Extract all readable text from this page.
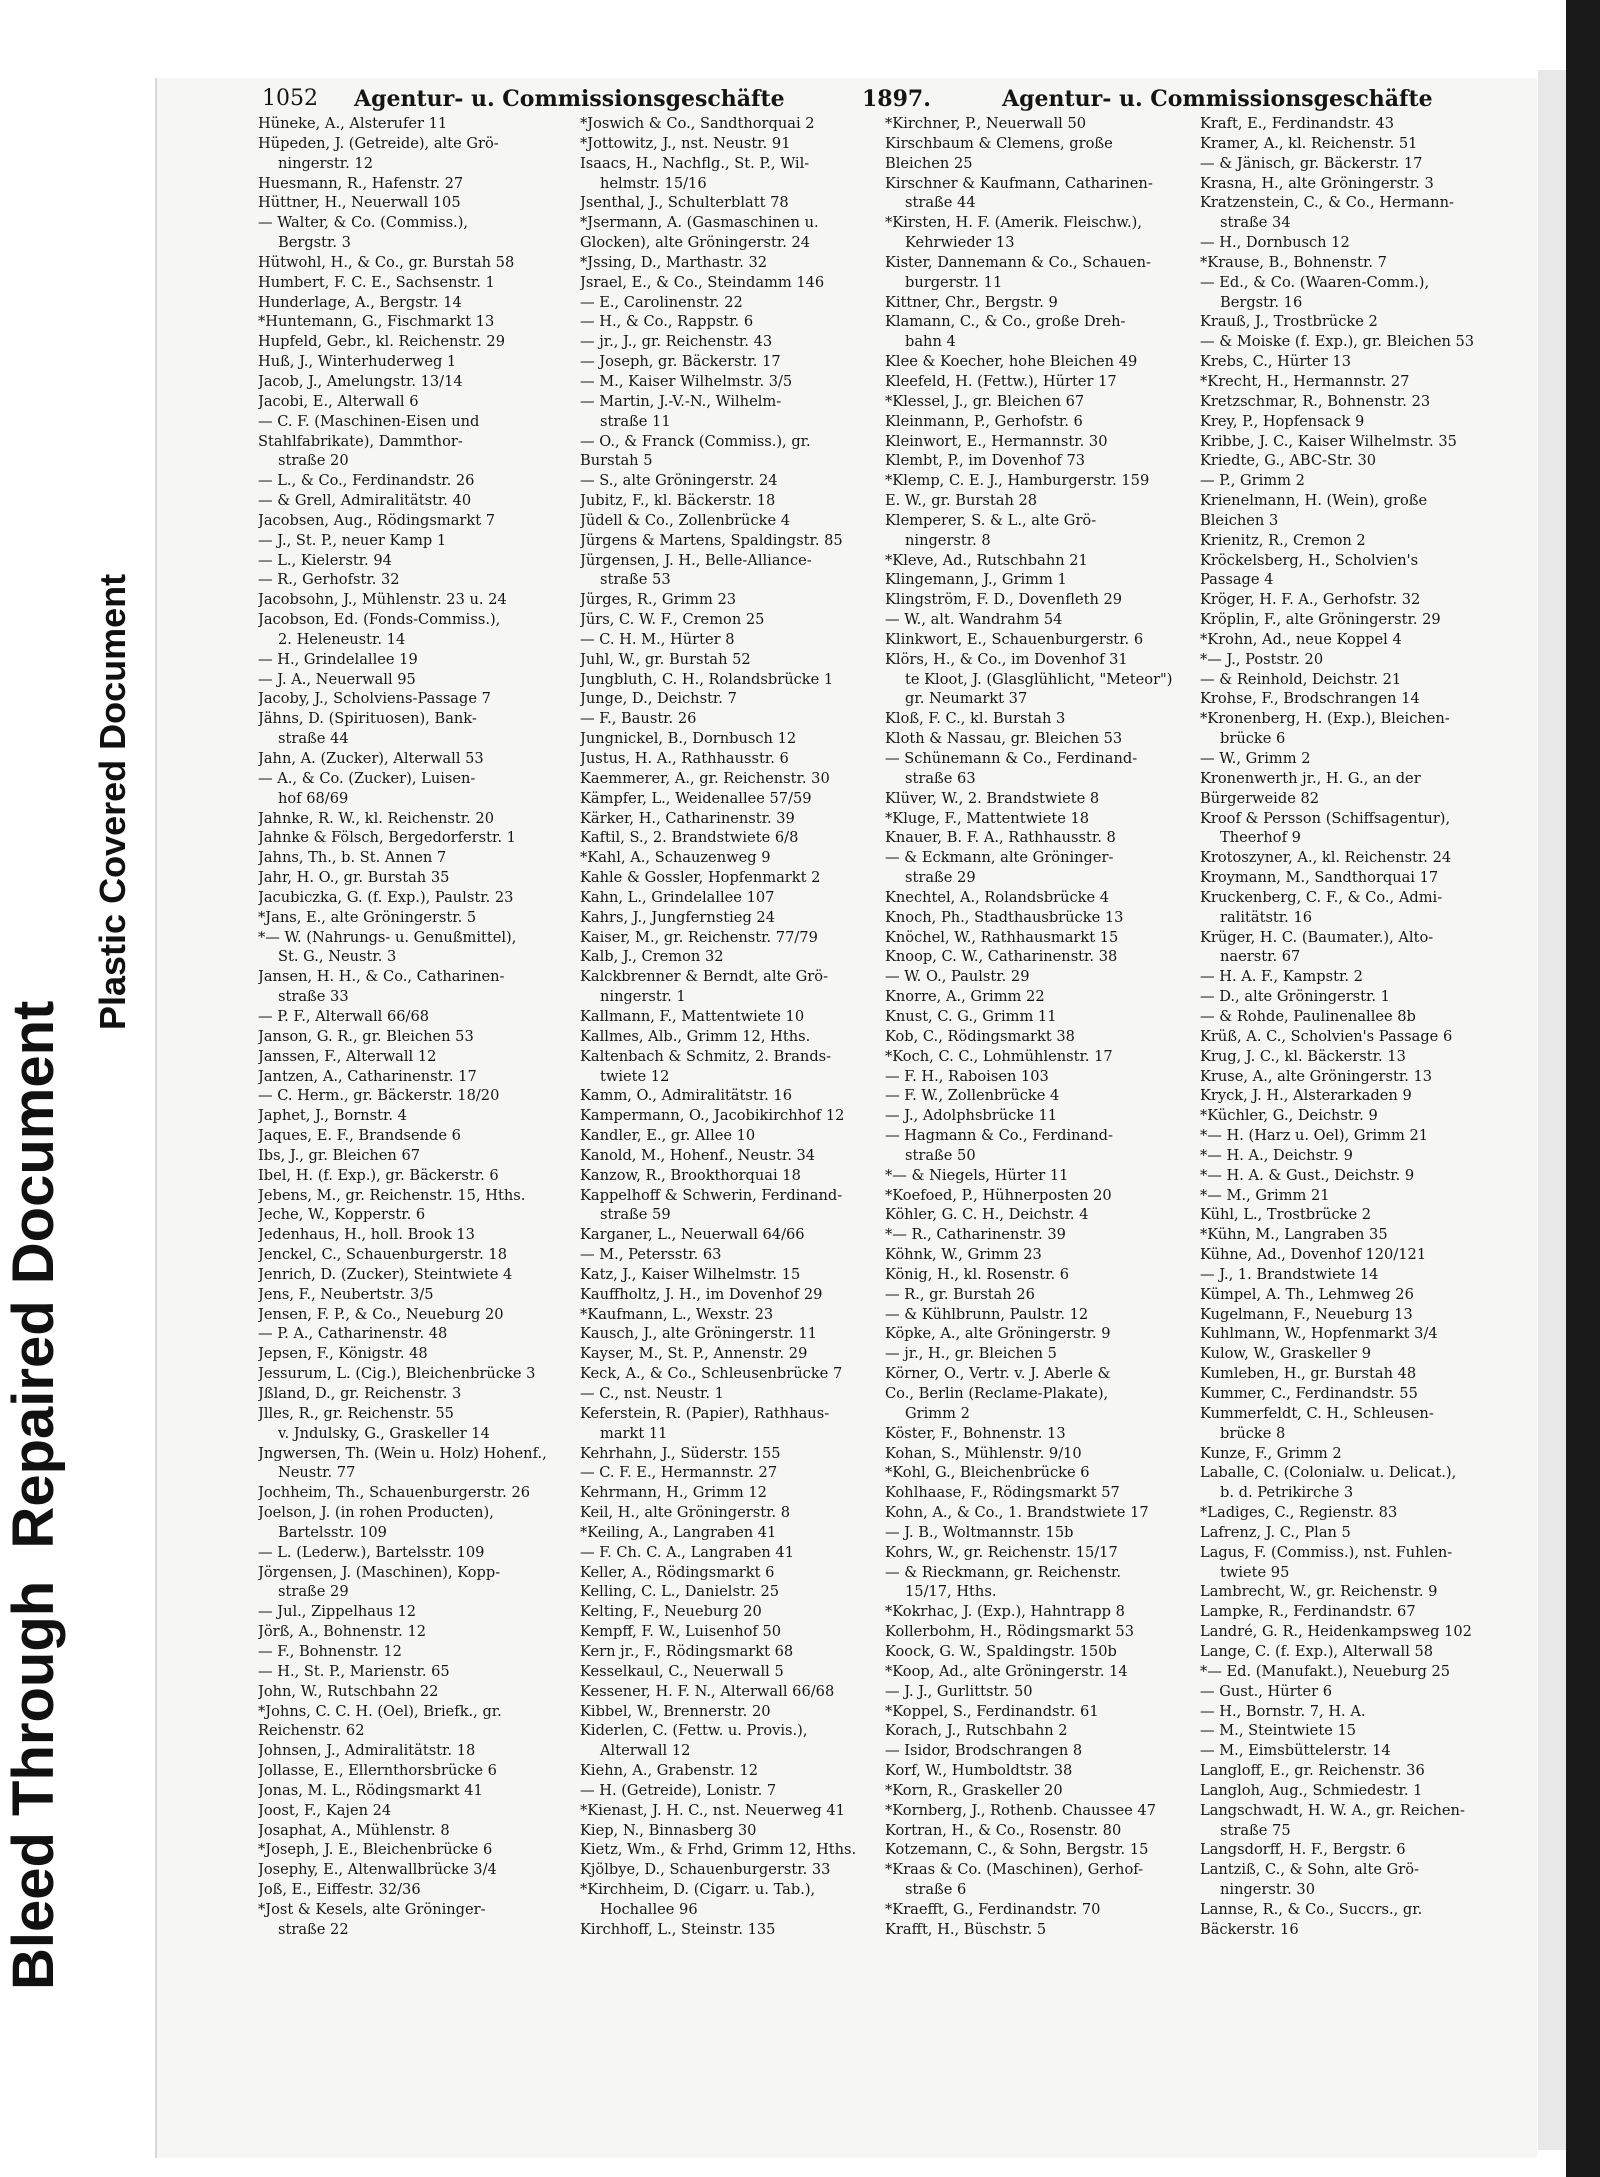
Bleed Through  Repaired Document
Plastic Covered Document
1052 Agentur- u. Commissionsgeschäfte	1897.	Agentur- u. Commissionsgeschäfte
Hüneke, A., Alsterufer 11
Hüpeden, J. (Getreide), alte Grö-
ningerstr. 12
Huesmann, R., Hafenstr. 27
Hüttner, H., Neuerwall 105
— Walter, & Co. (Commiss.),
Bergstr. 3
Hütwohl, H., & Co., gr. Burstah 58
Humbert, F. C. E., Sachsenstr. 1
Hunderlage, A., Bergstr. 14
*Huntemann, G., Fischmarkt 13
Hupfeld, Gebr., kl. Reichenstr. 29
Huß, J., Winterhuderweg 1
Jacob, J., Amelungstr. 13/14
Jacobi, E., Alterwall 6
— C. F. (Maschinen-Eisen und
Stahlfabrikate), Dammthor-
straße 20
— L., & Co., Ferdinandstr. 26
— & Grell, Admiralitätstr. 40
Jacobsen, Aug., Rödingsmarkt 7
— J., St. P., neuer Kamp 1
— L., Kielerstr. 94
— R., Gerhofstr. 32
Jacobsohn, J., Mühlenstr. 23 u. 24
Jacobson, Ed. (Fonds-Commiss.),
2. Heleneustr. 14
— H., Grindelallee 19
— J. A., Neuerwall 95
Jacoby, J., Scholviens-Passage 7
Jähns, D. (Spirituosen), Bank-
straße 44
Jahn, A. (Zucker), Alterwall 53
— A., & Co. (Zucker), Luisen-
hof 68/69
Jahnke, R. W., kl. Reichenstr. 20
Jahnke & Fölsch, Bergedorferstr. 1
Jahns, Th., b. St. Annen 7
Jahr, H. O., gr. Burstah 35
Jacubiczka, G. (f. Exp.), Paulstr. 23
*Jans, E., alte Gröningerstr. 5
*— W. (Nahrungs- u. Genußmittel),
St. G., Neustr. 3
Jansen, H. H., & Co., Catharinen-
straße 33
— P. F., Alterwall 66/68
Janson, G. R., gr. Bleichen 53
Janssen, F., Alterwall 12
Jantzen, A., Catharinenstr. 17
— C. Herm., gr. Bäckerstr. 18/20
Japhet, J., Bornstr. 4
Jaques, E. F., Brandsende 6
Ibs, J., gr. Bleichen 67
Ibel, H. (f. Exp.), gr. Bäckerstr. 6
Jebens, M., gr. Reichenstr. 15, Hths.
Jeche, W., Kopperstr. 6
Jedenhaus, H., holl. Brook 13
Jenckel, C., Schauenburgerstr. 18
Jenrich, D. (Zucker), Steintwiete 4
Jens, F., Neubertstr. 3/5
Jensen, F. P., & Co., Neueburg 20
— P. A., Catharinenstr. 48
Jepsen, F., Königstr. 48
Jessurum, L. (Cig.), Bleichenbrücke 3
Jßland, D., gr. Reichenstr. 3
Jlles, R., gr. Reichenstr. 55
v. Jndulsky, G., Graskeller 14
Jngwersen, Th. (Wein u. Holz) Hohenf.,
Neustr. 77
Jochheim, Th., Schauenburgerstr. 26
Joelson, J. (in rohen Producten),
Bartelsstr. 109
— L. (Lederw.), Bartelsstr. 109
Jörgensen, J. (Maschinen), Kopp-
straße 29
— Jul., Zippelhaus 12
Jörß, A., Bohnenstr. 12
— F., Bohnenstr. 12
— H., St. P., Marienstr. 65
John, W., Rutschbahn 22
*Johns, C. C. H. (Oel), Briefk., gr.
Reichenstr. 62
Johnsen, J., Admiralitätstr. 18
Jollasse, E., Ellernthorsbrücke 6
Jonas, M. L., Rödingsmarkt 41
Joost, F., Kajen 24
Josaphat, A., Mühlenstr. 8
*Joseph, J. E., Bleichenbrücke 6
Josephy, E., Altenwallbrücke 3/4
Joß, E., Eiffestr. 32/36
*Jost & Kesels, alte Gröninger-
straße 22
*Joswich & Co., Sandthorquai 2
*Jottowitz, J., nst. Neustr. 91
Isaacs, H., Nachflg., St. P., Wil-
helmstr. 15/16
Jsenthal, J., Schulterblatt 78
*Jsermann, A. (Gasmaschinen u.
Glocken), alte Gröningerstr. 24
*Jssing, D., Marthastr. 32
Jsrael, E., & Co., Steindamm 146
— E., Carolinenstr. 22
— H., & Co., Rappstr. 6
— jr., J., gr. Reichenstr. 43
— Joseph, gr. Bäckerstr. 17
— M., Kaiser Wilhelmstr. 3/5
— Martin, J.-V.-N., Wilhelm-
straße 11
— O., & Franck (Commiss.), gr.
Burstah 5
— S., alte Gröningerstr. 24
Jubitz, F., kl. Bäckerstr. 18
Jüdell & Co., Zollenbrücke 4
Jürgens & Martens, Spaldingstr. 85
Jürgensen, J. H., Belle-Alliance-
straße 53
Jürges, R., Grimm 23
Jürs, C. W. F., Cremon 25
— C. H. M., Hürter 8
Juhl, W., gr. Burstah 52
Jungbluth, C. H., Rolandsbrücke 1
Junge, D., Deichstr. 7
— F., Baustr. 26
Jungnickel, B., Dornbusch 12
Justus, H. A., Rathhausstr. 6
Kaemmerer, A., gr. Reichenstr. 30
Kämpfer, L., Weidenallee 57/59
Kärker, H., Catharinenstr. 39
Kaftil, S., 2. Brandstwiete 6/8
*Kahl, A., Schauzenweg 9
Kahle & Gossler, Hopfenmarkt 2
Kahn, L., Grindelallee 107
Kahrs, J., Jungfernstieg 24
Kaiser, M., gr. Reichenstr. 77/79
Kalb, J., Cremon 32
Kalckbrenner & Berndt, alte Grö-
ningerstr. 1
Kallmann, F., Mattentwiete 10
Kallmes, Alb., Grimm 12, Hths.
Kaltenbach & Schmitz, 2. Brands-
twiete 12
Kamm, O., Admiralitätstr. 16
Kampermann, O., Jacobikirchhof 12
Kandler, E., gr. Allee 10
Kanold, M., Hohenf., Neustr. 34
Kanzow, R., Brookthorquai 18
Kappelhoff & Schwerin, Ferdinand-
straße 59
Karganer, L., Neuerwall 64/66
— M., Petersstr. 63
Katz, J., Kaiser Wilhelmstr. 15
Kauffholtz, J. H., im Dovenhof 29
*Kaufmann, L., Wexstr. 23
Kausch, J., alte Gröningerstr. 11
Kayser, M., St. P., Annenstr. 29
Keck, A., & Co., Schleusenbrücke 7
— C., nst. Neustr. 1
Keferstein, R. (Papier), Rathhaus-
markt 11
Kehrhahn, J., Süderstr. 155
— C. F. E., Hermannstr. 27
Kehrmann, H., Grimm 12
Keil, H., alte Gröningerstr. 8
*Keiling, A., Langraben 41
— F. Ch. C. A., Langraben 41
Keller, A., Rödingsmarkt 6
Kelling, C. L., Danielstr. 25
Kelting, F., Neueburg 20
Kempff, F. W., Luisenhof 50
Kern jr., F., Rödingsmarkt 68
Kesselkaul, C., Neuerwall 5
Kessener, H. F. N., Alterwall 66/68
Kibbel, W., Brennerstr. 20
Kiderlen, C. (Fettw. u. Provis.),
Alterwall 12
Kiehn, A., Grabenstr. 12
— H. (Getreide), Lonistr. 7
*Kienast, J. H. C., nst. Neuerweg 41
Kiep, N., Binnasberg 30
Kietz, Wm., & Frhd, Grimm 12, Hths.
Kjölbye, D., Schauenburgerstr. 33
*Kirchheim, D. (Cigarr. u. Tab.),
Hochallee 96
Kirchhoff, L., Steinstr. 135
*Kirchner, P., Neuerwall 50
Kirschbaum & Clemens, große
Bleichen 25
Kirschner & Kaufmann, Catharinen-
straße 44
*Kirsten, H. F. (Amerik. Fleischw.),
Kehrwieder 13
Kister, Dannemann & Co., Schauen-
burgerstr. 11
Kittner, Chr., Bergstr. 9
Klamann, C., & Co., große Dreh-
bahn 4
Klee & Koecher, hohe Bleichen 49
Kleefeld, H. (Fettw.), Hürter 17
*Klessel, J., gr. Bleichen 67
Kleinmann, P., Gerhofstr. 6
Kleinwort, E., Hermannstr. 30
Klembt, P., im Dovenhof 73
*Klemp, C. E. J., Hamburgerstr. 159
E. W., gr. Burstah 28
Klemperer, S. & L., alte Grö-
ningerstr. 8
*Kleve, Ad., Rutschbahn 21
Klingemann, J., Grimm 1
Klingström, F. D., Dovenfleth 29
— W., alt. Wandrahm 54
Klinkwort, E., Schauenburgerstr. 6
Klörs, H., & Co., im Dovenhof 31
te Kloot, J. (Glasglühlicht, "Meteor")
gr. Neumarkt 37
Kloß, F. C., kl. Burstah 3
Kloth & Nassau, gr. Bleichen 53
— Schünemann & Co., Ferdinand-
straße 63
Klüver, W., 2. Brandstwiete 8
*Kluge, F., Mattentwiete 18
Knauer, B. F. A., Rathhausstr. 8
— & Eckmann, alte Gröninger-
straße 29
Knechtel, A., Rolandsbrücke 4
Knoch, Ph., Stadthausbrücke 13
Knöchel, W., Rathhausmarkt 15
Knoop, C. W., Catharinenstr. 38
— W. O., Paulstr. 29
Knorre, A., Grimm 22
Knust, C. G., Grimm 11
Kob, C., Rödingsmarkt 38
*Koch, C. C., Lohmühlenstr. 17
— F. H., Raboisen 103
— F. W., Zollenbrücke 4
— J., Adolphsbrücke 11
— Hagmann & Co., Ferdinand-
straße 50
*— & Niegels, Hürter 11
*Koefoed, P., Hühnerposten 20
Köhler, G. C. H., Deichstr. 4
*— R., Catharinenstr. 39
Köhnk, W., Grimm 23
König, H., kl. Rosenstr. 6
— R., gr. Burstah 26
— & Kühlbrunn, Paulstr. 12
Köpke, A., alte Gröningerstr. 9
— jr., H., gr. Bleichen 5
Körner, O., Vertr. v. J. Aberle &
Co., Berlin (Reclame-Plakate),
Grimm 2
Köster, F., Bohnenstr. 13
Kohan, S., Mühlenstr. 9/10
*Kohl, G., Bleichenbrücke 6
Kohlhaase, F., Rödingsmarkt 57
Kohn, A., & Co., 1. Brandstwiete 17
— J. B., Woltmannstr. 15b
Kohrs, W., gr. Reichenstr. 15/17
— & Rieckmann, gr. Reichenstr.
15/17, Hths.
*Kokrhac, J. (Exp.), Hahntrapp 8
Kollerbohm, H., Rödingsmarkt 53
Koock, G. W., Spaldingstr. 150b
*Koop, Ad., alte Gröningerstr. 14
— J. J., Gurlittstr. 50
*Koppel, S., Ferdinandstr. 61
Korach, J., Rutschbahn 2
— Isidor, Brodschrangen 8
Korf, W., Humboldtstr. 38
*Korn, R., Graskeller 20
*Kornberg, J., Rothenb. Chaussee 47
Kortran, H., & Co., Rosenstr. 80
Kotzemann, C., & Sohn, Bergstr. 15
*Kraas & Co. (Maschinen), Gerhof-
straße 6
*Kraefft, G., Ferdinandstr. 70
Krafft, H., Büschstr. 5
Kraft, E., Ferdinandstr. 43
Kramer, A., kl. Reichenstr. 51
— & Jänisch, gr. Bäckerstr. 17
Krasna, H., alte Gröningerstr. 3
Kratzenstein, C., & Co., Hermann-
straße 34
— H., Dornbusch 12
*Krause, B., Bohnenstr. 7
— Ed., & Co. (Waaren-Comm.),
Bergstr. 16
Krauß, J., Trostbrücke 2
— & Moiske (f. Exp.), gr. Bleichen 53
Krebs, C., Hürter 13
*Krecht, H., Hermannstr. 27
Kretzschmar, R., Bohnenstr. 23
Krey, P., Hopfensack 9
Kribbe, J. C., Kaiser Wilhelmstr. 35
Kriedte, G., ABC-Str. 30
— P., Grimm 2
Krienelmann, H. (Wein), große
Bleichen 3
Krienitz, R., Cremon 2
Kröckelsberg, H., Scholvien's
Passage 4
Kröger, H. F. A., Gerhofstr. 32
Kröplin, F., alte Gröningerstr. 29
*Krohn, Ad., neue Koppel 4
*— J., Poststr. 20
— & Reinhold, Deichstr. 21
Krohse, F., Brodschrangen 14
*Kronenberg, H. (Exp.), Bleichen-
brücke 6
— W., Grimm 2
Kronenwerth jr., H. G., an der
Bürgerweide 82
Kroof & Persson (Schiffsagentur),
Theerhof 9
Krotoszyner, A., kl. Reichenstr. 24
Kroymann, M., Sandthorquai 17
Kruckenberg, C. F., & Co., Admi-
ralitätstr. 16
Krüger, H. C. (Baumater.), Alto-
naerstr. 67
— H. A. F., Kampstr. 2
— D., alte Gröningerstr. 1
— & Rohde, Paulinenallee 8b
Krüß, A. C., Scholvien's Passage 6
Krug, J. C., kl. Bäckerstr. 13
Kruse, A., alte Gröningerstr. 13
Kryck, J. H., Alsterarkaden 9
*Küchler, G., Deichstr. 9
*— H. (Harz u. Oel), Grimm 21
*— H. A., Deichstr. 9
*— H. A. & Gust., Deichstr. 9
*— M., Grimm 21
Kühl, L., Trostbrücke 2
*Kühn, M., Langraben 35
Kühne, Ad., Dovenhof 120/121
— J., 1. Brandstwiete 14
Kümpel, A. Th., Lehmweg 26
Kugelmann, F., Neueburg 13
Kuhlmann, W., Hopfenmarkt 3/4
Kulow, W., Graskeller 9
Kumleben, H., gr. Burstah 48
Kummer, C., Ferdinandstr. 55
Kummerfeldt, C. H., Schleusen-
brücke 8
Kunze, F., Grimm 2
Laballe, C. (Colonialw. u. Delicat.),
b. d. Petrikirche 3
*Ladiges, C., Regienstr. 83
Lafrenz, J. C., Plan 5
Lagus, F. (Commiss.), nst. Fuhlen-
twiete 95
Lambrecht, W., gr. Reichenstr. 9
Lampke, R., Ferdinandstr. 67
Landré, G. R., Heidenkampsweg 102
Lange, C. (f. Exp.), Alterwall 58
*— Ed. (Manufakt.), Neueburg 25
— Gust., Hürter 6
— H., Bornstr. 7, H. A.
— M., Steintwiete 15
— M., Eimsbüttelerstr. 14
Langloff, E., gr. Reichenstr. 36
Langloh, Aug., Schmiedestr. 1
Langschwadt, H. W. A., gr. Reichen-
straße 75
Langsdorff, H. F., Bergstr. 6
Lantziß, C., & Sohn, alte Grö-
ningerstr. 30
Lannse, R., & Co., Succrs., gr.
Bäckerstr. 16
